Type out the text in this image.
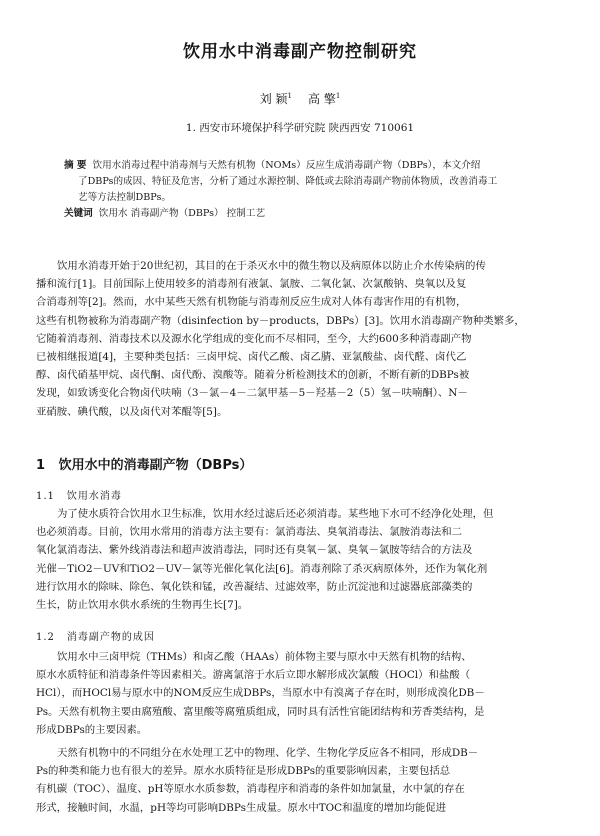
饮用水中消毒副产物控制研究
刘 颖$^1$ 高 擎$^1$
1. 西安市环境保护科学研究院 陕西西安 710061
摘 要 饮用水消毒过程中消毒剂与天然有机物（NOMs）反应生成消毒副产物（DBPs），本文介绍
了DBPs的成因、特征及危害，分析了通过水源控制、降低或去除消毒副产物前体物质，改善消毒工
艺等方法控制DBPs。
关键词 饮用水 消毒副产物（DBPs） 控制工艺
饮用水消毒开始于20世纪初，其目的在于杀灭水中的微生物以及病原体以防止介水传染病的传
播和流行[1]。目前国际上使用较多的消毒剂有液氯、氯胺、二氧化氯、次氯酸钠、臭氧以及复
合消毒剂等[2]。然而，水中某些天然有机物能与消毒剂反应生成对人体有毒害作用的有机物，
这些有机物被称为消毒副产物（disinfection by－products，DBPs）[3]。饮用水消毒副产物种类繁多，
它随着消毒剂、消毒技术以及源水化学组成的变化而不尽相同，至今，大约600多种消毒副产物
已被相继报道[4]，主要种类包括：三卤甲烷、卤代乙酸、卤乙腈、亚氯酸盐、卤代醛、卤代乙
醇、卤代硝基甲烷、卤代酮、卤代酚、溴酸等。随着分析检测技术的创新，不断有新的DBPs被
发现，如致诱变化合物卤代呋喃（3－氯－4－二氯甲基－5－羟基－2（5）氢－呋喃酮）、N－
亚硝胺、碘代酸，以及卤代对苯醌等[5]。
1 饮用水中的消毒副产物（DBPs）
1.1 饮用水消毒
为了使水质符合饮用水卫生标准，饮用水经过滤后还必须消毒。某些地下水可不经净化处理，但
也必须消毒。目前，饮用水常用的消毒方法主要有：氯消毒法、臭氧消毒法、氯胺消毒法和二
氧化氯消毒法、紫外线消毒法和超声波消毒法，同时还有臭氧－氯、臭氧－氯胺等结合的方法及
光催－TiO2－UV和TiO2－UV－氯等光催化氧化法[6]。消毒剂除了杀灭病原体外，还作为氧化剂
进行饮用水的除味、除色、氧化铁和锰，改善凝结、过滤效率，防止沉淀池和过滤器底部藻类的
生长，防止饮用水供水系统的生物再生长[7]。
1.2 消毒副产物的成因
饮用水中三卤甲烷（THMs）和卤乙酸（HAAs）前体物主要与原水中天然有机物的结构、
原水水质特征和消毒条件等因素相关。游离氯溶于水后立即水解形成次氯酸（HOCl）和盐酸（
HCl），而HOCl易与原水中的NOM反应生成DBPs，当原水中有溴离子存在时，则形成溴化DB－
Ps。天然有机物主要由腐殖酸、富里酸等腐殖质组成，同时具有活性官能团结构和芳香类结构，是
形成DBPs的主要因素。
天然有机物中的不同组分在水处理工艺中的物理、化学、生物化学反应各不相同，形成DB－
Ps的种类和能力也有很大的差异。原水水质特征是形成DBPs的重要影响因素，主要包括总
有机碳（TOC）、温度、pH等原水水质参数，消毒程序和消毒的条件如加氯量，水中氯的存在
形式，接触时间，水温，pH等均可影响DBPs生成量。原水中TOC和温度的增加均能促进
